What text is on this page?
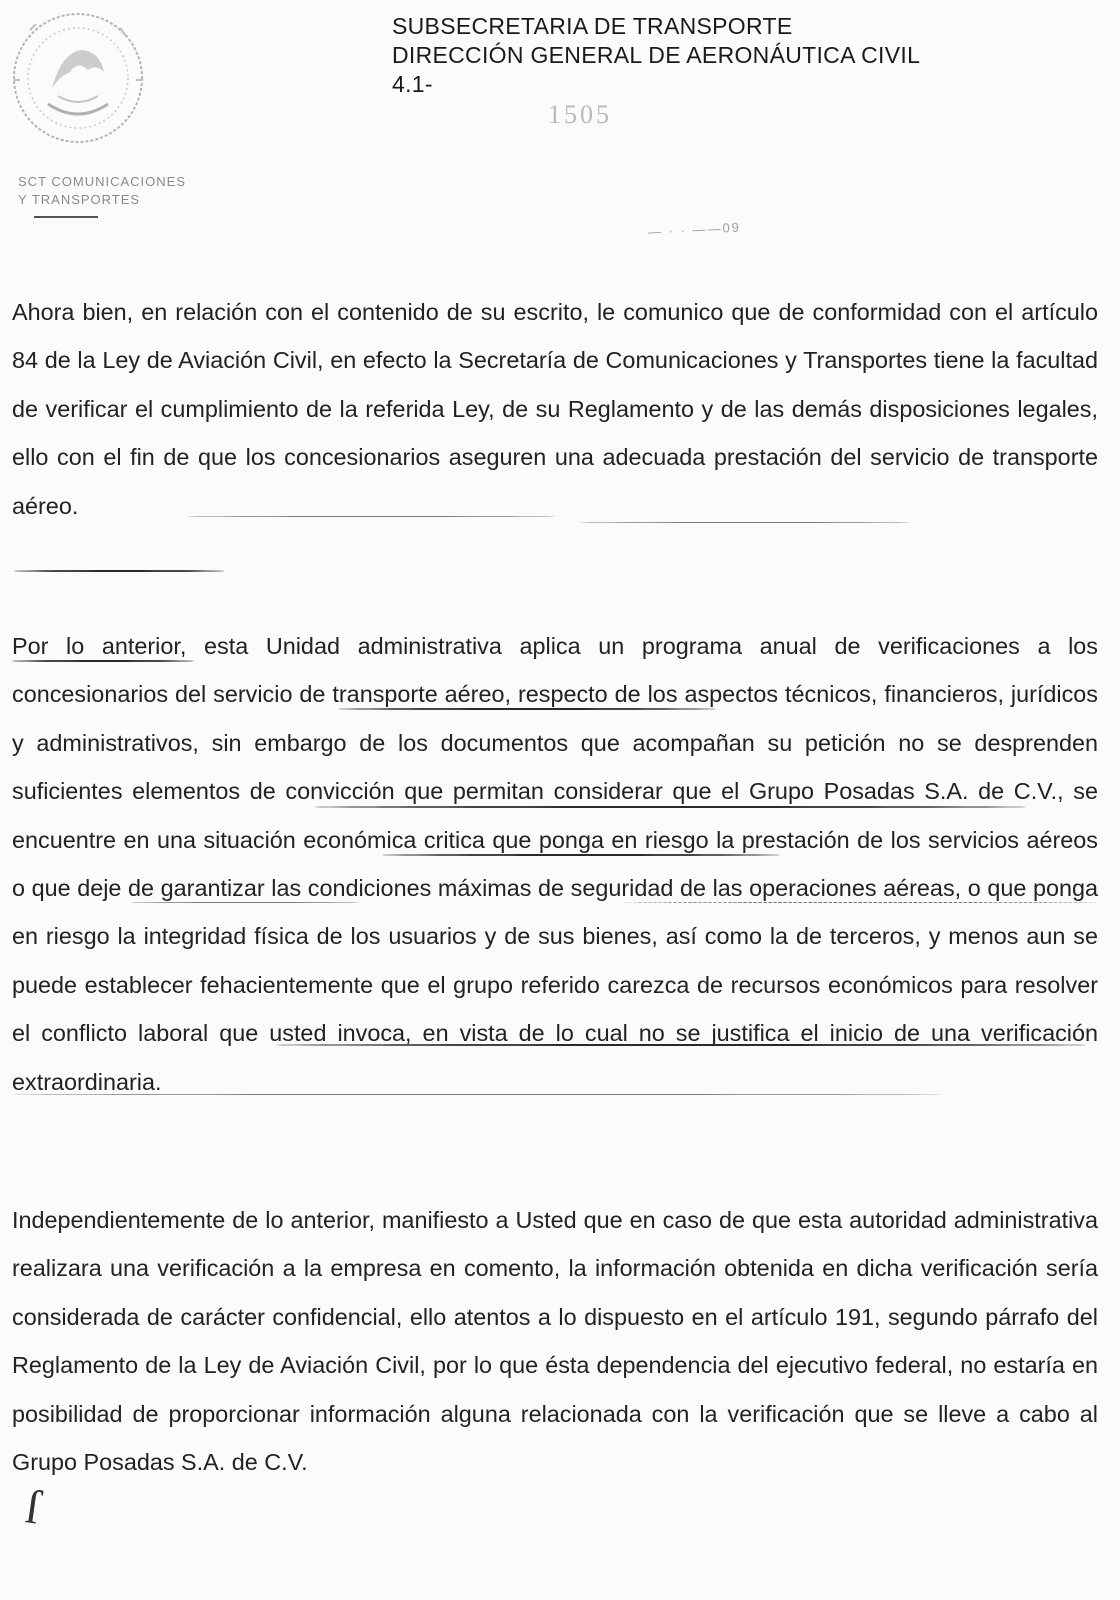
SCT COMUNICACIONES
Y TRANSPORTES
SUBSECRETARIA DE TRANSPORTE
DIRECCIÓN GENERAL DE AERONÁUTICA CIVIL
4.1-
1505
— · · ——09

Ahora bien, en relación con el contenido de su escrito, le comunico que de conformidad con el artículo 84 de la Ley de Aviación Civil, en efecto la Secretaría de Comunicaciones y Transportes tiene la facultad de verificar el cumplimiento de la referida Ley, de su Reglamento y de las demás disposiciones legales, ello con el fin de que los concesionarios aseguren una adecuada prestación del servicio de transporte aéreo.

Por lo anterior, esta Unidad administrativa aplica un programa anual de verificaciones a los concesionarios del servicio de transporte aéreo, respecto de los aspectos técnicos, financieros, jurídicos y administrativos, sin embargo de los documentos que acompañan su petición no se desprenden suficientes elementos de convicción que permitan considerar que el Grupo Posadas S.A. de C.V., se encuentre en una situación económica critica que ponga en riesgo la prestación de los servicios aéreos o que deje de garantizar las condiciones máximas de seguridad de las operaciones aéreas, o que ponga en riesgo la integridad física de los usuarios y de sus bienes, así como la de terceros, y menos aun se puede establecer fehacientemente que el grupo referido carezca de recursos económicos para resolver el conflicto laboral que usted invoca, en vista de lo cual no se justifica el inicio de una verificación extraordinaria.

Independientemente de lo anterior, manifiesto a Usted que en caso de que esta autoridad administrativa realizara una verificación a la empresa en comento, la información obtenida en dicha verificación sería considerada de carácter confidencial, ello atentos a lo dispuesto en el artículo 191, segundo párrafo del Reglamento de la Ley de Aviación Civil, por lo que ésta dependencia del ejecutivo federal, no estaría en posibilidad de proporcionar información alguna relacionada con la verificación que se lleve a cabo al Grupo Posadas S.A. de C.V.

ſ
